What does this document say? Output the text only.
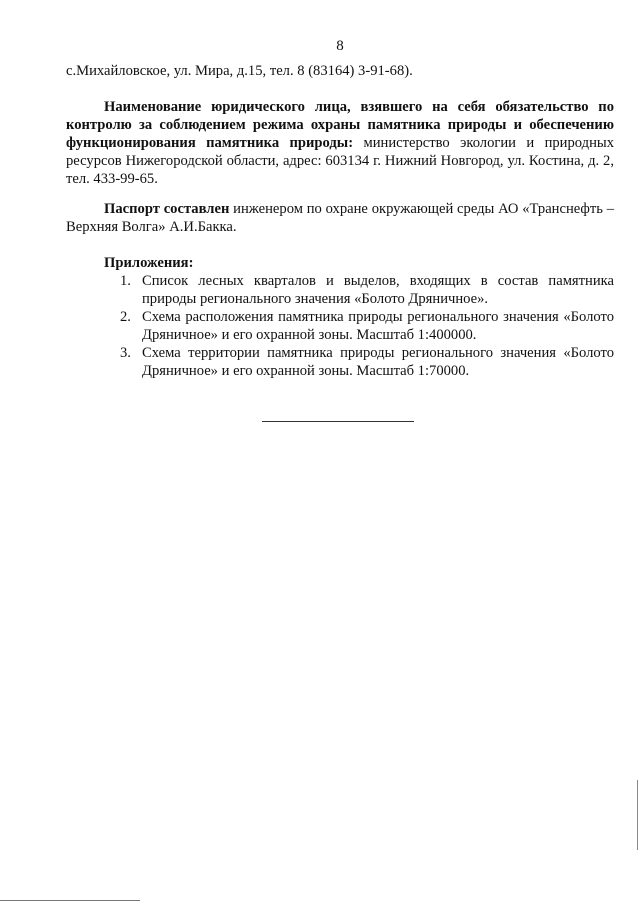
8
с.Михайловское, ул. Мира, д.15, тел. 8 (83164) 3-91-68).
Наименование юридического лица, взявшего на себя обязательство по контролю за соблюдением режима охраны памятника природы и обеспечению функционирования памятника природы: министерство экологии и природных ресурсов Нижегородской области, адрес: 603134 г. Нижний Новгород, ул. Костина, д. 2, тел. 433-99-65.
Паспорт составлен инженером по охране окружающей среды АО «Транснефть – Верхняя Волга» А.И.Бакка.
Приложения:
1. Список лесных кварталов и выделов, входящих в состав памятника природы регионального значения «Болото Дряничное».
2. Схема расположения памятника природы регионального значения «Болото Дряничное» и его охранной зоны. Масштаб 1:400000.
3. Схема территории памятника природы регионального значения «Болото Дряничное» и его охранной зоны. Масштаб 1:70000.
